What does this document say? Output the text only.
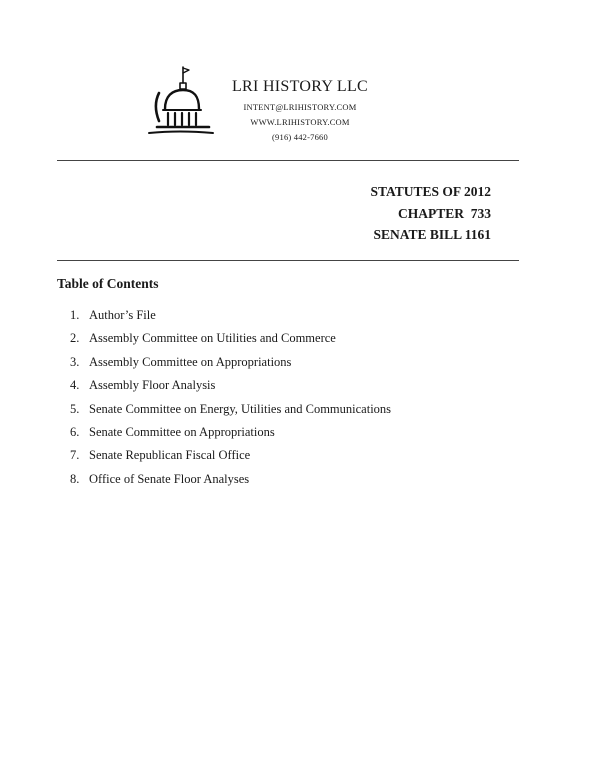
LRI HISTORY LLC
INTENT@LRIHISTORY.COM
WWW.LRIHISTORY.COM
(916) 442-7660
STATUTES OF 2012
CHAPTER  733
SENATE BILL 1161
Table of Contents
1. Author’s File
2. Assembly Committee on Utilities and Commerce
3. Assembly Committee on Appropriations
4. Assembly Floor Analysis
5. Senate Committee on Energy, Utilities and Communications
6. Senate Committee on Appropriations
7. Senate Republican Fiscal Office
8. Office of Senate Floor Analyses
